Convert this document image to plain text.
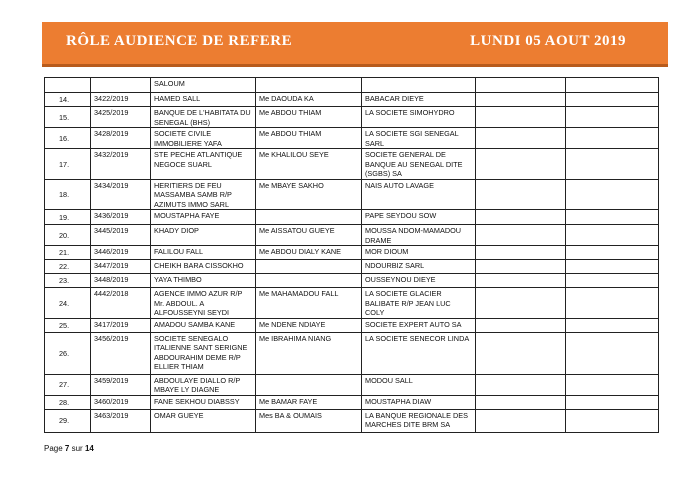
RÔLE AUDIENCE DE REFERE	LUNDI 05 AOUT 2019
		SALOUM				
14.	3422/2019	HAMED SALL	Me DAOUDA KA	BABACAR DIEYE		
15.	3425/2019	BANQUE DE L'HABITATA DU SENEGAL (BHS)	Me ABDOU THIAM	LA SOCIETE SIMOHYDRO		
16.	3428/2019	SOCIETE CIVILE IMMOBILIERE YAFA	Me ABDOU THIAM	LA SOCIETE SGI SENEGAL SARL		
17.	3432/2019	STE PECHE ATLANTIQUE NEGOCE SUARL	Me KHALILOU SEYE	SOCIETE GENERAL DE BANQUE AU SENEGAL DITE (SGBS) SA		
18.	3434/2019	HERITIERS DE FEU MASSAMBA SAMB R/P AZIMUTS IMMO SARL	Me MBAYE SAKHO	NAIS AUTO LAVAGE		
19.	3436/2019	MOUSTAPHA FAYE		PAPE SEYDOU SOW		
20.	3445/2019	KHADY DIOP	Me AISSATOU GUEYE	MOUSSA NDOM-MAMADOU DRAME		
21.	3446/2019	FALILOU FALL	Me ABDOU DIALY KANE	MOR DIOUM		
22.	3447/2019	CHEIKH BARA CISSOKHO		NDOURBIZ SARL		
23.	3448/2019	YAYA THIMBO		OUSSEYNOU DIEYE		
24.	4442/2018	AGENCE IMMO AZUR R/P Mr. ABDOUL. A ALFOUSSEYNI SEYDI	Me MAHAMADOU FALL	LA SOCIETE GLACIER BALIBATE R/P JEAN LUC COLY		
25.	3417/2019	AMADOU SAMBA KANE	Me NDENE NDIAYE	SOCIETE EXPERT AUTO SA		
26.	3456/2019	SOCIETE SENEGALO ITALIENNE SANT SERIGNE ABDOURAHIM DEME R/P ELLIER THIAM	Me IBRAHIMA NIANG	LA SOCIETE SENECOR LINDA		
27.	3459/2019	ABDOULAYE DIALLO R/P MBAYE LY DIAGNE		MODOU SALL		
28.	3460/2019	FANE SEKHOU DIABSSY	Me BAMAR FAYE	MOUSTAPHA DIAW		
29.	3463/2019	OMAR GUEYE	Mes BA & OUMAIS	LA BANQUE REGIONALE DES MARCHES DITE BRM SA		
Page 7 sur 14
